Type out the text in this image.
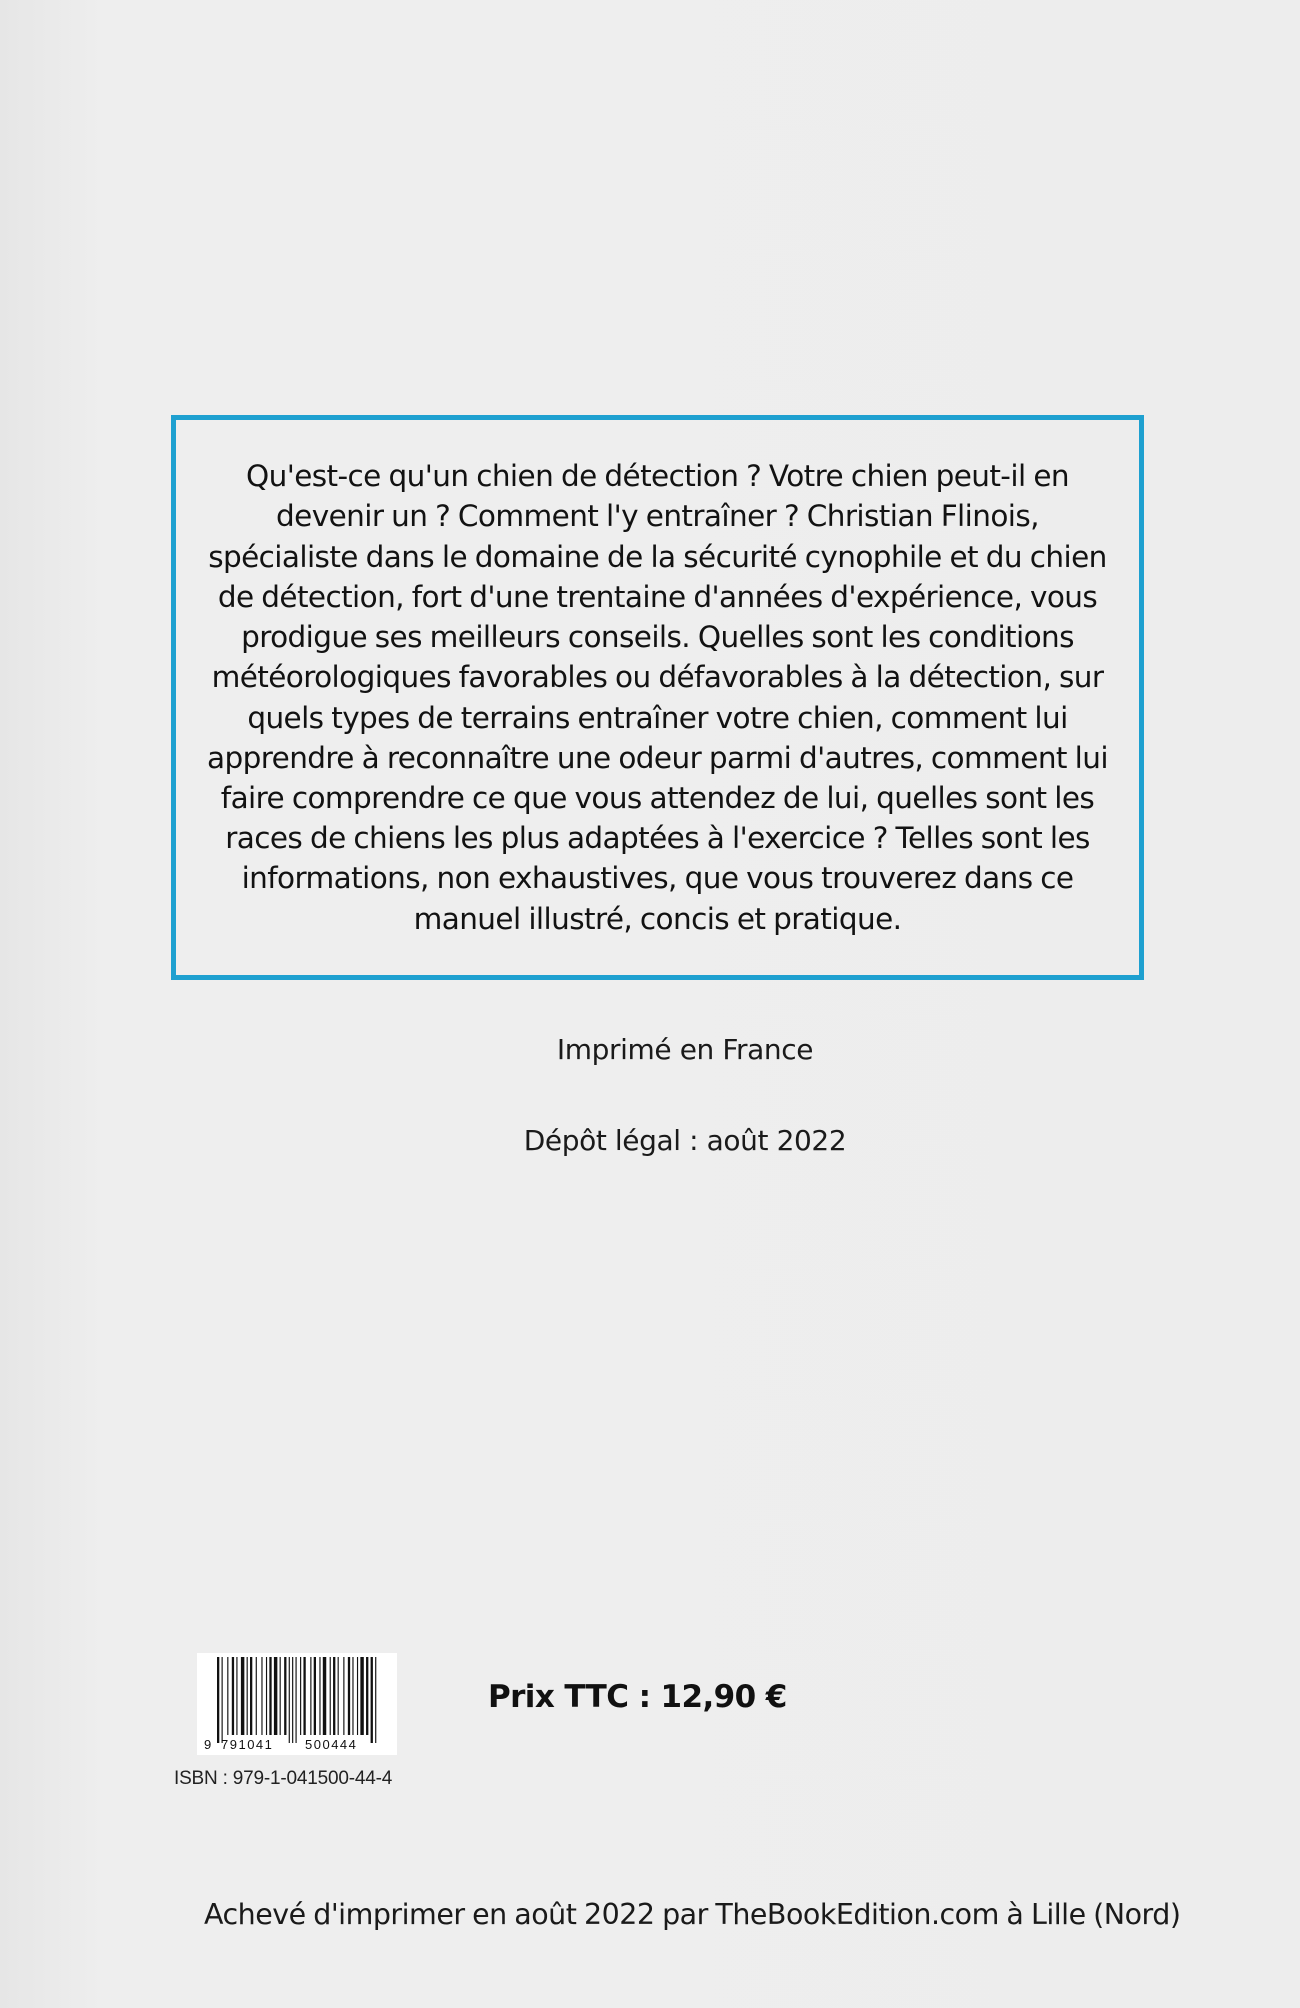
Qu'est-ce qu'un chien de détection ? Votre chien peut-il en devenir un ? Comment l'y entraîner ? Christian Flinois, spécialiste dans le domaine de la sécurité cynophile et du chien de détection, fort d'une trentaine d'années d'expérience, vous prodigue ses meilleurs conseils. Quelles sont les conditions météorologiques favorables ou défavorables à la détection, sur quels types de terrains entraîner votre chien, comment lui apprendre à reconnaître une odeur parmi d'autres, comment lui faire comprendre ce que vous attendez de lui, quelles sont les races de chiens les plus adaptées à l'exercice ? Telles sont les informations, non exhaustives, que vous trouverez dans ce manuel illustré, concis et pratique.

Imprimé en France
Dépôt légal : août 2022
9 791041 500444
ISBN : 979-1-041500-44-4
Prix TTC : 12,90 €
Achevé d'imprimer en août 2022 par TheBookEdition.com à Lille (Nord)
